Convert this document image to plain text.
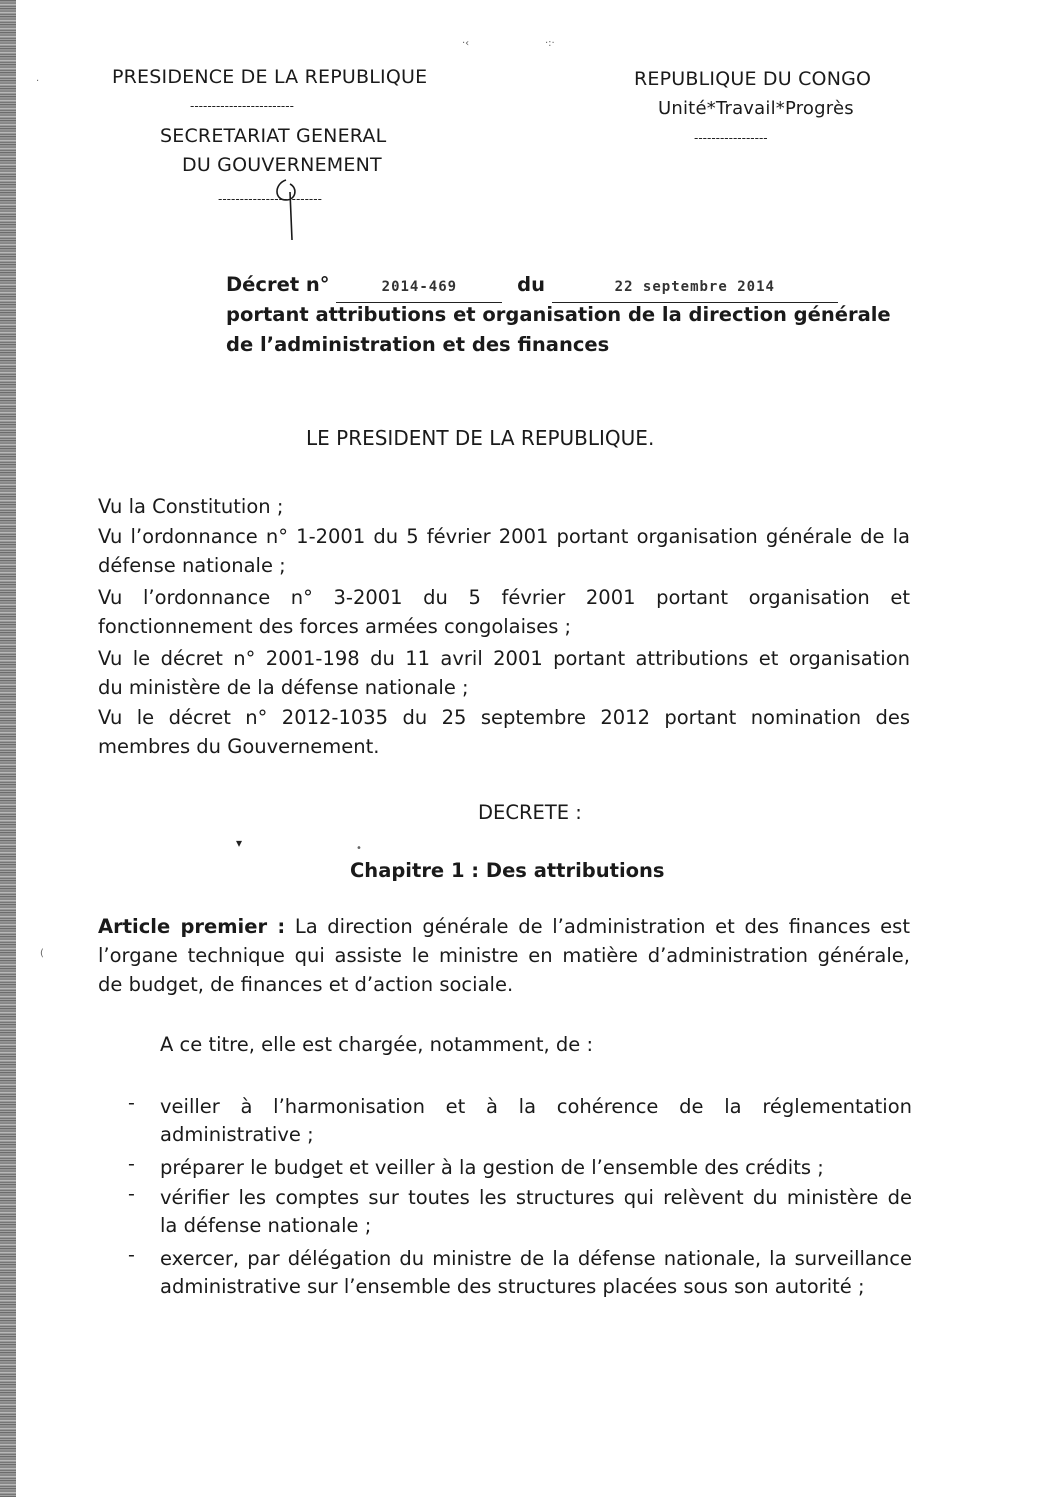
·‹	·:·
·
(
▾	•
PRESIDENCE DE LA REPUBLIQUE
------------------------
SECRETARIAT GENERAL
DU GOUVERNEMENT
------------------------
REPUBLIQUE DU CONGO
Unité*Travail*Progrès
-----------------
Décret n°	2014-469	du	22 septembre 2014
portant attributions et organisation de la direction générale
de l’administration et des finances
LE PRESIDENT DE LA REPUBLIQUE.
Vu la Constitution ;
Vu l’ordonnance n° 1-2001 du 5 février 2001 portant organisation générale de la
défense nationale ;
Vu l’ordonnance n° 3-2001 du 5 février 2001 portant organisation et
fonctionnement des forces armées congolaises ;
Vu le décret n° 2001-198 du 11 avril 2001 portant attributions et organisation
du ministère de la défense nationale ;
Vu le décret n° 2012-1035 du 25 septembre 2012 portant nomination des
membres du Gouvernement.
DECRETE :
Chapitre 1 : Des attributions
Article premier : La direction générale de l’administration et des finances est
l’organe technique qui assiste le ministre en matière d’administration générale,
de budget, de finances et d’action sociale.
A ce titre, elle est chargée, notamment, de :
- veiller à l’harmonisation et à la cohérence de la réglementation
administrative ;
- préparer le budget et veiller à la gestion de l’ensemble des crédits ;
- vérifier les comptes sur toutes les structures qui relèvent du ministère de
la défense nationale ;
- exercer, par délégation du ministre de la défense nationale, la surveillance
administrative sur l’ensemble des structures placées sous son autorité ;
